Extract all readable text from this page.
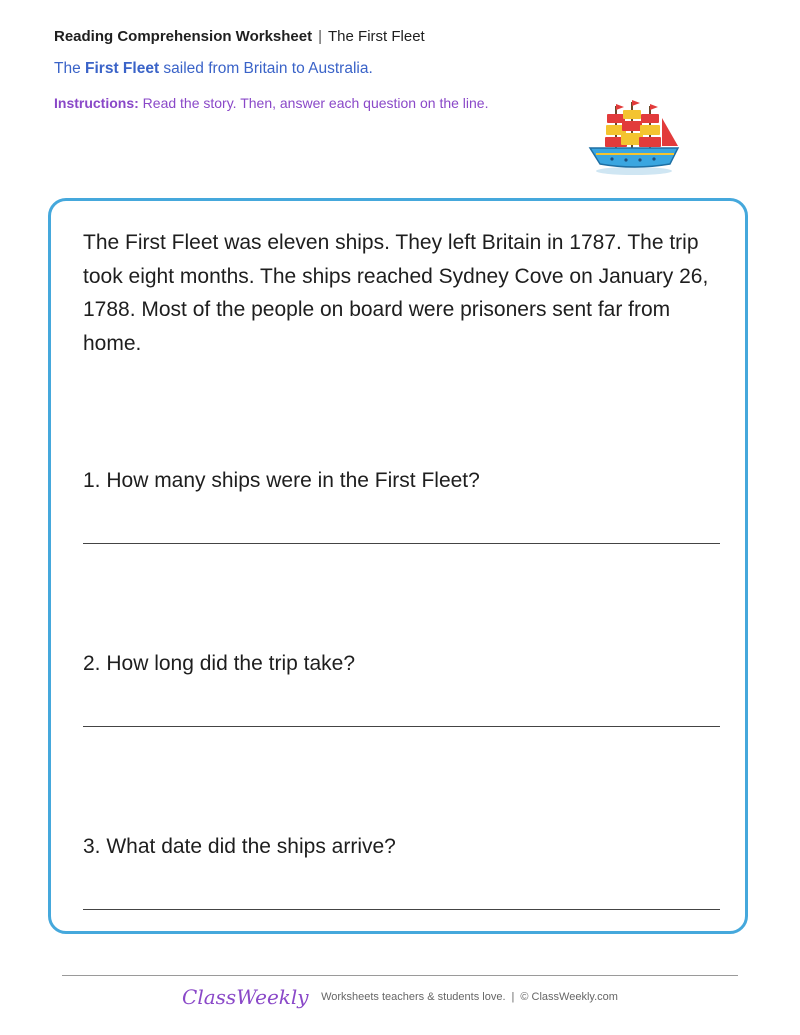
Reading Comprehension Worksheet | The First Fleet
The First Fleet sailed from Britain to Australia.
Instructions: Read the story. Then, answer each question on the line.
The First Fleet was eleven ships. They left Britain in 1787. The trip took eight months. The ships reached Sydney Cove on January 26, 1788. Most of the people on board were prisoners sent far from home.
1. How many ships were in the First Fleet?
2. How long did the trip take?
3. What date did the ships arrive?
ClassWeekly Worksheets teachers & students love. | © ClassWeekly.com
